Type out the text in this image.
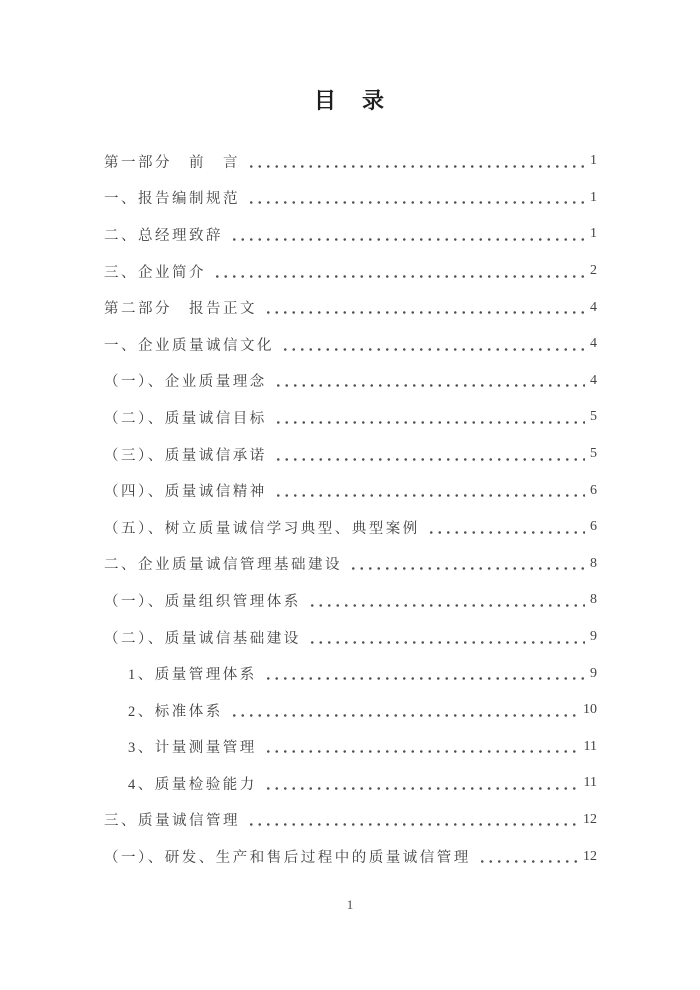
目　录
第一部分　前　言	1
一、报告编制规范	1
二、总经理致辞	1
三、企业简介	2
第二部分　报告正文	4
一、企业质量诚信文化	4
（一）、企业质量理念	4
（二）、质量诚信目标	5
（三）、质量诚信承诺	5
（四）、质量诚信精神	6
（五）、树立质量诚信学习典型、典型案例	6
二、企业质量诚信管理基础建设	8
（一）、质量组织管理体系	8
（二）、质量诚信基础建设	9
1、质量管理体系	9
2、标准体系	10
3、计量测量管理	11
4、质量检验能力	11
三、质量诚信管理	12
（一）、研发、生产和售后过程中的质量诚信管理	12
1
